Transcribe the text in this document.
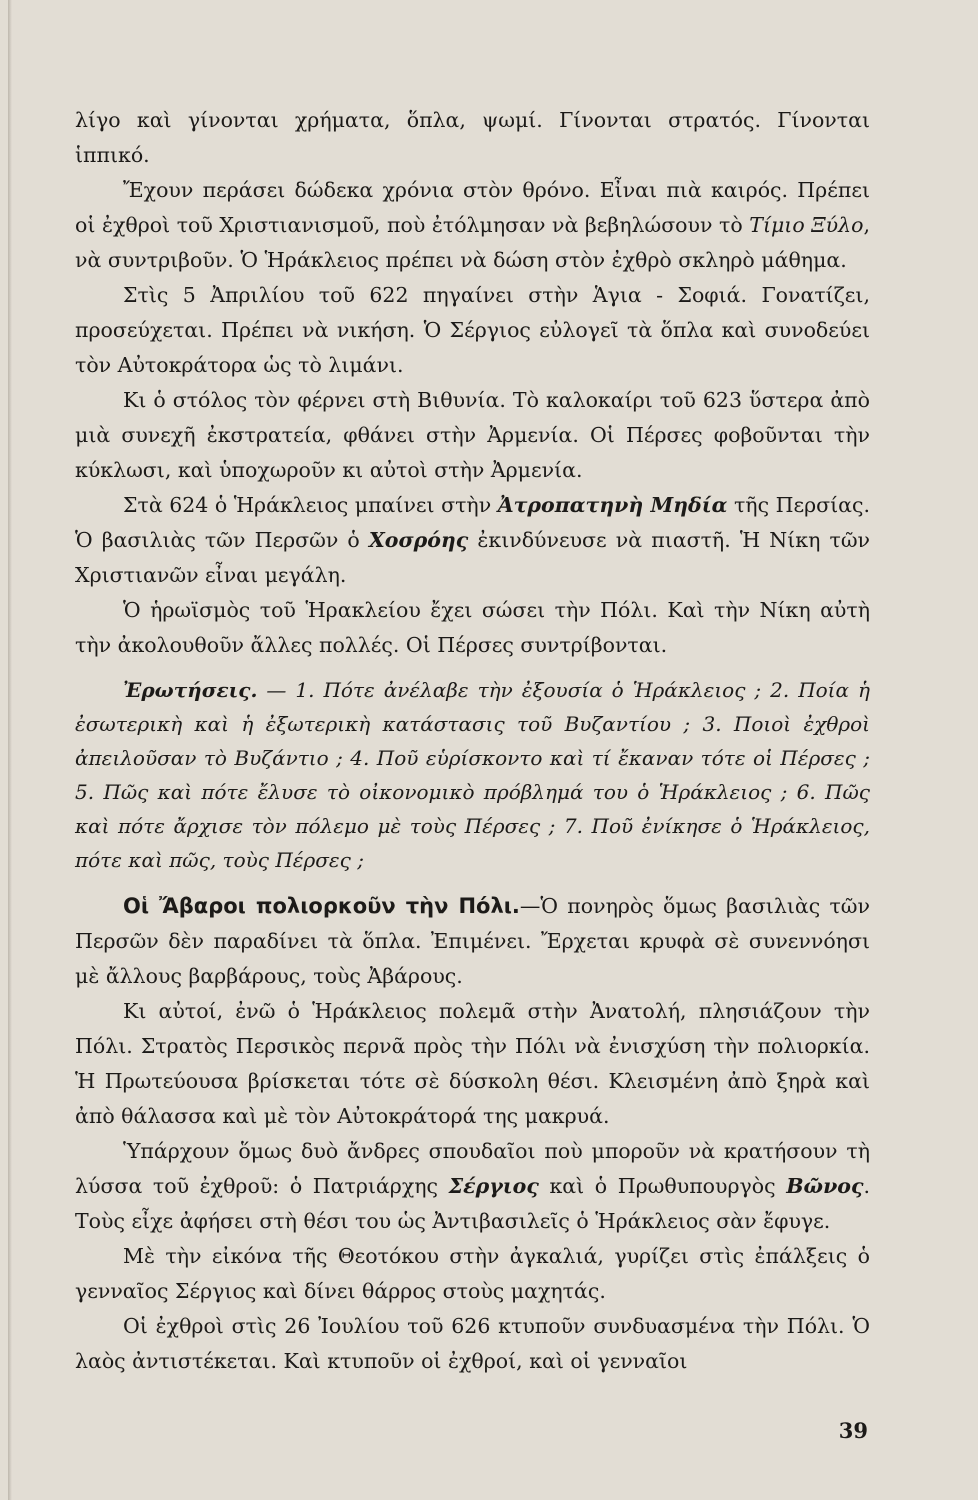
λίγο καὶ γίνονται χρήματα, ὅπλα, ψωμί. Γίνονται στρατός. Γίνονται ἱππικό.

Ἔχουν περάσει δώδεκα χρόνια στὸν θρόνο. Εἶναι πιὰ καιρός. Πρέπει οἱ ἐχθροὶ τοῦ Χριστιανισμοῦ, ποὺ ἐτόλμησαν νὰ βεβηλώσουν τὸ Τίμιο Ξύλο, νὰ συντριβοῦν. Ὁ Ἡράκλειος πρέπει νὰ δώση στὸν ἐχθρὸ σκληρὸ μάθημα.

Στὶς 5 Ἀπριλίου τοῦ 622 πηγαίνει στὴν Ἁγια - Σοφιά. Γονατίζει, προσεύχεται. Πρέπει νὰ νικήση. Ὁ Σέργιος εὐλογεῖ τὰ ὅπλα καὶ συνοδεύει τὸν Αὐτοκράτορα ὡς τὸ λιμάνι.

Κι ὁ στόλος τὸν φέρνει στὴ Βιθυνία. Τὸ καλοκαίρι τοῦ 623 ὕστερα ἀπὸ μιὰ συνεχῆ ἐκστρατεία, φθάνει στὴν Ἀρμενία. Οἱ Πέρσες φοβοῦνται τὴν κύκλωσι, καὶ ὑποχωροῦν κι αὐτοὶ στὴν Ἀρμενία.

Στὰ 624 ὁ Ἡράκλειος μπαίνει στὴν Ἀτροπατηνὴ Μηδία τῆς Περσίας. Ὁ βασιλιὰς τῶν Περσῶν ὁ Χοσρόης ἐκινδύνευσε νὰ πιαστῆ. Ἡ Νίκη τῶν Χριστιανῶν εἶναι μεγάλη.

Ὁ ἡρωϊσμὸς τοῦ Ἡρακλείου ἔχει σώσει τὴν Πόλι. Καὶ τὴν Νίκη αὐτὴ τὴν ἀκολουθοῦν ἄλλες πολλές. Οἱ Πέρσες συντρίβονται.

Ἐρωτήσεις. — 1. Πότε ἀνέλαβε τὴν ἐξουσία ὁ Ἡράκλειος ; 2. Ποία ἡ ἐσωτερικὴ καὶ ἡ ἐξωτερικὴ κατάστασις τοῦ Βυζαντίου ; 3. Ποιοὶ ἐχθροὶ ἀπειλοῦσαν τὸ Βυζάντιο ; 4. Ποῦ εὑρίσκοντο καὶ τί ἔκαναν τότε οἱ Πέρσες ; 5. Πῶς καὶ πότε ἔλυσε τὸ οἰκονομικὸ πρόβλημά του ὁ Ἡράκλειος ; 6. Πῶς καὶ πότε ἄρχισε τὸν πόλεμο μὲ τοὺς Πέρσες ; 7. Ποῦ ἐνίκησε ὁ Ἡράκλειος, πότε καὶ πῶς, τοὺς Πέρσες ;

Οἱ Ἄβαροι πολιορκοῦν τὴν Πόλι.—Ὁ πονηρὸς ὅμως βασιλιὰς τῶν Περσῶν δὲν παραδίνει τὰ ὅπλα. Ἐπιμένει. Ἔρχεται κρυφὰ σὲ συνεννόησι μὲ ἄλλους βαρβάρους, τοὺς Ἀβάρους.

Κι αὐτοί, ἐνῶ ὁ Ἡράκλειος πολεμᾶ στὴν Ἀνατολή, πλησιάζουν τὴν Πόλι. Στρατὸς Περσικὸς περνᾶ πρὸς τὴν Πόλι νὰ ἐνισχύση τὴν πολιορκία. Ἡ Πρωτεύουσα βρίσκεται τότε σὲ δύσκολη θέσι. Κλεισμένη ἀπὸ ξηρὰ καὶ ἀπὸ θάλασσα καὶ μὲ τὸν Αὐτοκράτορά της μακρυά.

Ὑπάρχουν ὅμως δυὸ ἄνδρες σπουδαῖοι ποὺ μποροῦν νὰ κρατήσουν τὴ λύσσα τοῦ ἐχθροῦ: ὁ Πατριάρχης Σέργιος καὶ ὁ Πρωθυπουργὸς Βῶνος. Τοὺς εἶχε ἀφήσει στὴ θέσι του ὡς Ἀντιβασιλεῖς ὁ Ἡράκλειος σὰν ἔφυγε.

Μὲ τὴν εἰκόνα τῆς Θεοτόκου στὴν ἀγκαλιά, γυρίζει στὶς ἐπάλξεις ὁ γενναῖος Σέργιος καὶ δίνει θάρρος στοὺς μαχητάς.

Οἱ ἐχθροὶ στὶς 26 Ἰουλίου τοῦ 626 κτυποῦν συνδυασμένα τὴν Πόλι. Ὁ λαὸς ἀντιστέκεται. Καὶ κτυποῦν οἱ ἐχθροί, καὶ οἱ γενναῖοι

39
